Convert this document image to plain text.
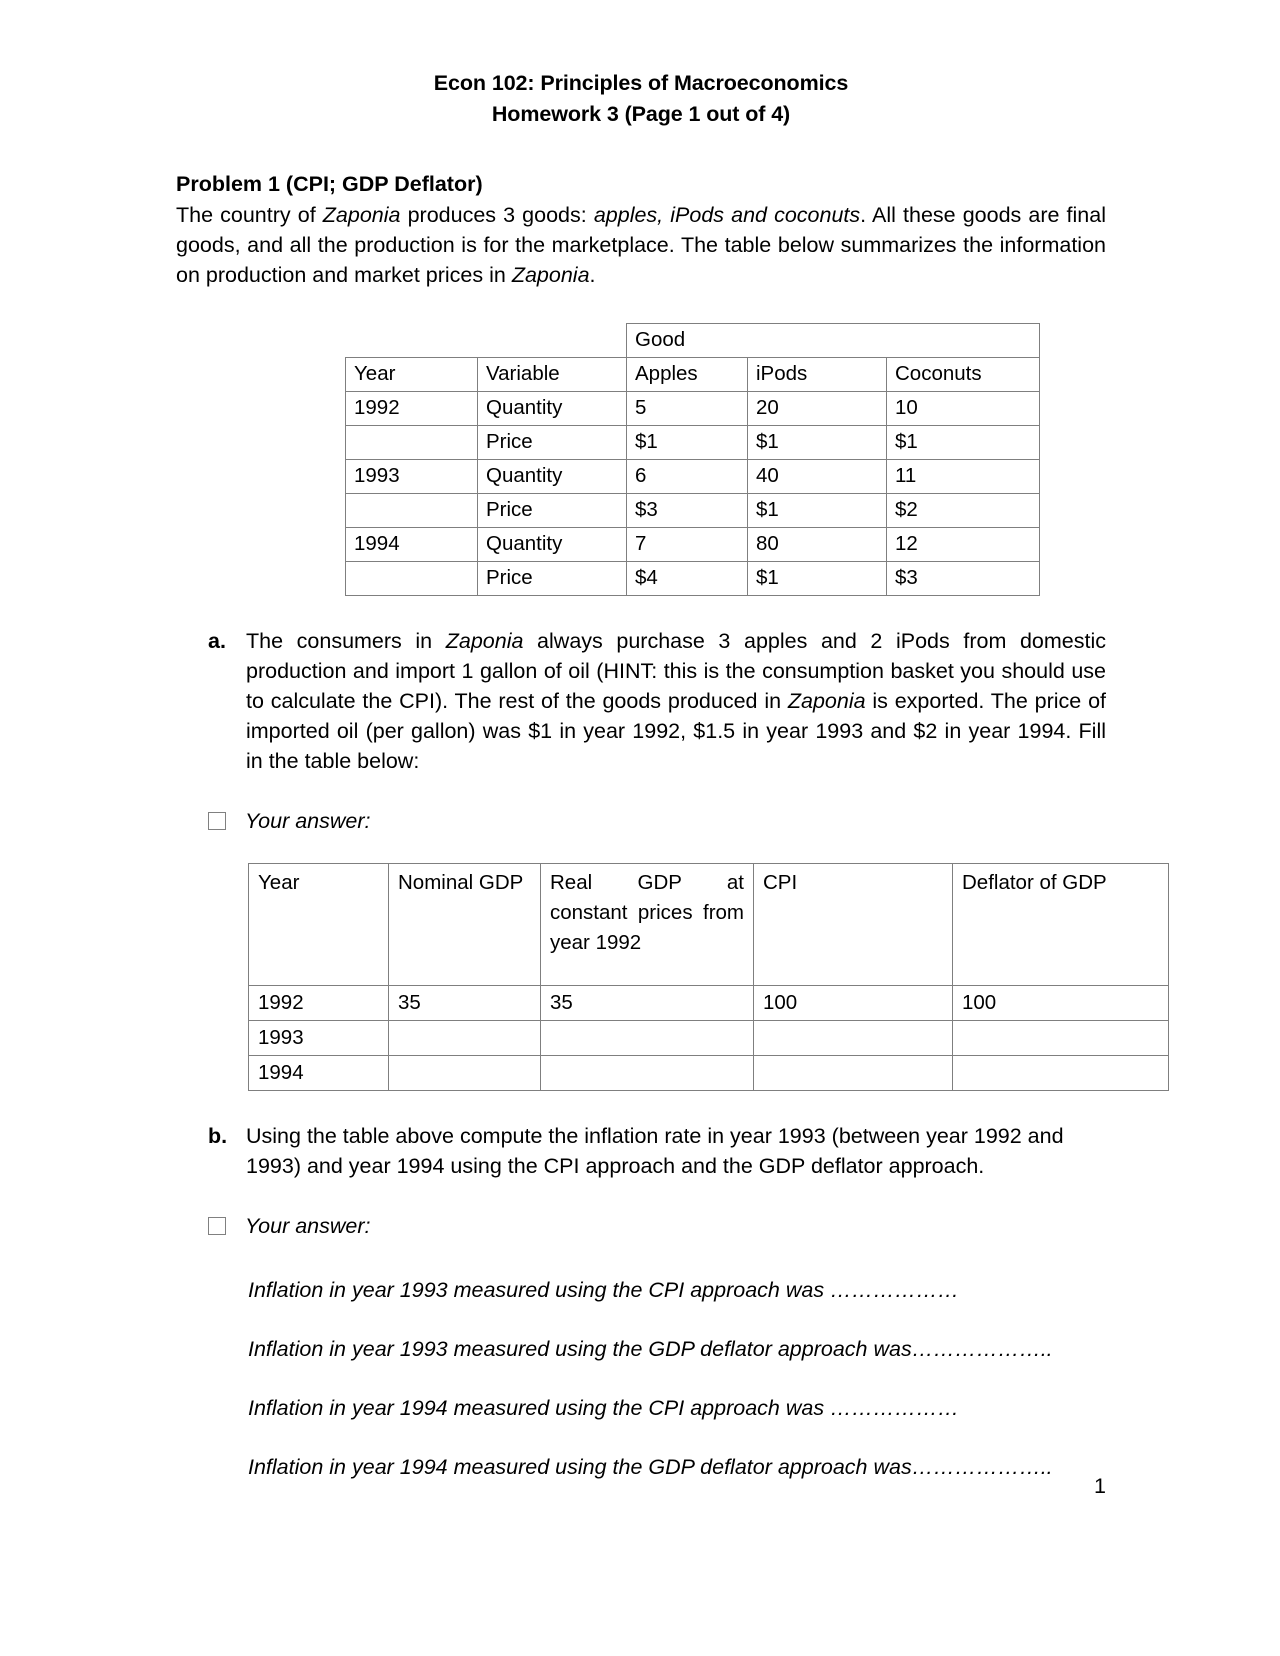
Econ 102: Principles of Macroeconomics
Homework 3 (Page 1 out of 4)
Problem 1 (CPI; GDP Deflator)

The country of Zaponia produces 3 goods: apples, iPods and coconuts. All these goods are final goods, and all the production is for the marketplace. The table below summarizes the information on production and market prices in Zaponia.

		Good		
Year	Variable	Apples	iPods	Coconuts
1992	Quantity	5	20	10
	Price	$1	$1	$1
1993	Quantity	6	40	11
	Price	$3	$1	$2
1994	Quantity	7	80	12
	Price	$4	$1	$3
a. The consumers in Zaponia always purchase 3 apples and 2 iPods from domestic production and import 1 gallon of oil (HINT: this is the consumption basket you should use to calculate the CPI). The rest of the goods produced in Zaponia is exported. The price of imported oil (per gallon) was $1 in year 1992, $1.5 in year 1993 and $2 in year 1994. Fill in the table below:
Your answer:
Year	Nominal GDP	Real GDP at constant prices from year 1992	CPI	Deflator of GDP
1992	35	35	100	100
1993				
1994				
b. Using the table above compute the inflation rate in year 1993 (between year 1992 and 1993) and year 1994 using the CPI approach and the GDP deflator approach.
Your answer:
Inflation in year 1993 measured using the CPI approach was ………………
Inflation in year 1993 measured using the GDP deflator approach was………………..
Inflation in year 1994 measured using the CPI approach was ………………
Inflation in year 1994 measured using the GDP deflator approach was………………..
1
